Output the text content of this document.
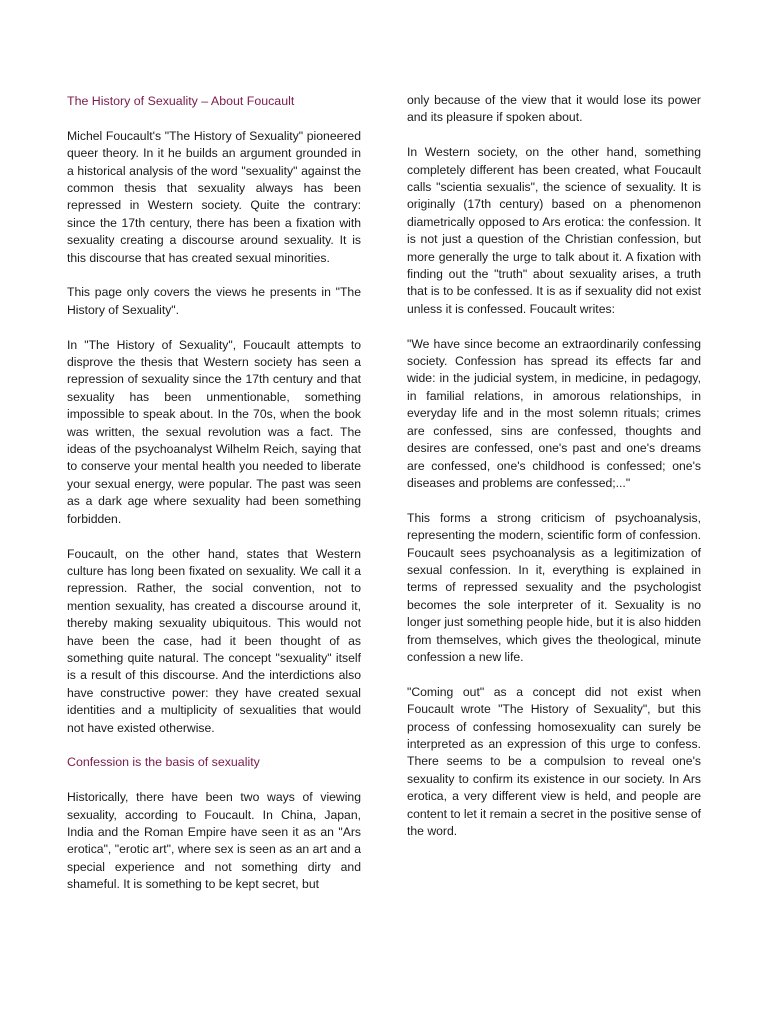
The History of Sexuality – About Foucault

Michel Foucault's "The History of Sexuality" pioneered queer theory. In it he builds an argument grounded in a historical analysis of the word "sexuality" against the common thesis that sexuality always has been repressed in Western society. Quite the contrary: since the 17th century, there has been a fixation with sexuality creating a discourse around sexuality. It is this discourse that has created sexual minorities.

This page only covers the views he presents in "The History of Sexuality".

In "The History of Sexuality", Foucault attempts to disprove the thesis that Western society has seen a repression of sexuality since the 17th century and that sexuality has been unmentionable, something impossible to speak about. In the 70s, when the book was written, the sexual revolution was a fact. The ideas of the psychoanalyst Wilhelm Reich, saying that to conserve your mental health you needed to liberate your sexual energy, were popular. The past was seen as a dark age where sexuality had been something forbidden.

Foucault, on the other hand, states that Western culture has long been fixated on sexuality. We call it a repression. Rather, the social convention, not to mention sexuality, has created a discourse around it, thereby making sexuality ubiquitous. This would not have been the case, had it been thought of as something quite natural. The concept "sexuality" itself is a result of this discourse. And the interdictions also have constructive power: they have created sexual identities and a multiplicity of sexualities that would not have existed otherwise.

Confession is the basis of sexuality

Historically, there have been two ways of viewing sexuality, according to Foucault. In China, Japan, India and the Roman Empire have seen it as an "Ars erotica", "erotic art", where sex is seen as an art and a special experience and not something dirty and shameful. It is something to be kept secret, but

only because of the view that it would lose its power and its pleasure if spoken about.

In Western society, on the other hand, something completely different has been created, what Foucault calls "scientia sexualis", the science of sexuality. It is originally (17th century) based on a phenomenon diametrically opposed to Ars erotica: the confession. It is not just a question of the Christian confession, but more generally the urge to talk about it. A fixation with finding out the "truth" about sexuality arises, a truth that is to be confessed. It is as if sexuality did not exist unless it is confessed. Foucault writes:

"We have since become an extraordinarily confessing society. Confession has spread its effects far and wide: in the judicial system, in medicine, in pedagogy, in familial relations, in amorous relationships, in everyday life and in the most solemn rituals; crimes are confessed, sins are confessed, thoughts and desires are confessed, one's past and one's dreams are confessed, one's childhood is confessed; one's diseases and problems are confessed;..."

This forms a strong criticism of psychoanalysis, representing the modern, scientific form of confession. Foucault sees psychoanalysis as a legitimization of sexual confession. In it, everything is explained in terms of repressed sexuality and the psychologist becomes the sole interpreter of it. Sexuality is no longer just something people hide, but it is also hidden from themselves, which gives the theological, minute confession a new life.

"Coming out" as a concept did not exist when Foucault wrote "The History of Sexuality", but this process of confessing homosexuality can surely be interpreted as an expression of this urge to confess. There seems to be a compulsion to reveal one's sexuality to confirm its existence in our society. In Ars erotica, a very different view is held, and people are content to let it remain a secret in the positive sense of the word.
